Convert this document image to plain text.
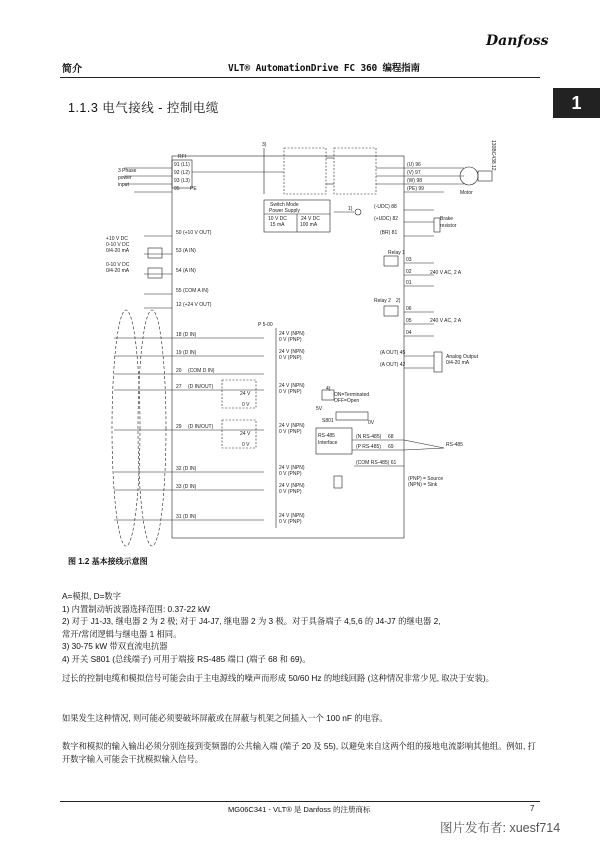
Danfoss
简介	VLT® AutomationDrive FC 360 编程指南
1
1.1.3 电气接线 - 控制电缆
130BC438.12
RFI
3 Phase
power
input
91 (L1)
92 (L2)
93 (L3)
95 PE
3)
Switch Mode
Power Supply
10 V DC
15 mA
24 V DC
100 mA
(U) 96
(V) 97
(W) 98
(PE) 99
Motor
(-UDC) 88
(+UDC) 82
(BR) 81
Brake
resistor
1)
50 (+10 V OUT)
+10 V DC
0-10 V DC
0/4-20 mA	53 (A IN)
0-10 V DC
0/4-20 mA	54 (A IN)
55 (COM A IN)
12 (+24 V OUT)
P 5-00
18 (D IN)
19 (D IN)
20 (COM D IN)
27 (D IN/OUT)
29 (D IN/OUT)
32 (D IN)
33 (D IN)
31 (D IN)
24 V (NPN)
0 V (PNP)
24 V (NPN)
0 V (PNP)
24 V (NPN)
0 V (PNP)
24 V (NPN)
0 V (PNP)
24 V (NPN)
0 V (PNP)
24 V (NPN)
0 V (PNP)
24 V (NPN)
0 V (PNP)
24 V
0 V
24 V
0 V
Relay 1
Relay 2 2)
03
02
01
06
05
04
240 V AC, 2 A
240 V AC, 2 A
(A OUT) 45
(A OUT) 42
Analog Output
0/4-20 mA
4)
ON=Terminated
OFF=Open
5V
S801	0V
RS-485
Interface
(N RS-485) 68
(P RS-485) 69
(COM RS-485) 61
RS-485
(PNP) = Source
(NPN) = Sink
图 1.2 基本接线示意图
A=模拟, D=数字
1) 内置制动斩波器选择范围: 0.37-22 kW
2) 对于 J1-J3, 继电器 2 为 2 极; 对于 J4-J7, 继电器 2 为 3 极。对于具备端子 4,5,6 的 J4-J7 的继电器 2,
常开/常闭逻辑与继电器 1 相同。
3) 30-75 kW 带双直流电抗器
4) 开关 S801 (总线端子) 可用于端接 RS-485 端口 (端子 68 和 69)。
过长的控制电缆和模拟信号可能会由于主电源线的噪声而形成 50/60 Hz 的地线回路 (这种情况非常少见, 取决于安装)。
如果发生这种情况, 则可能必须要破坏屏蔽或在屏蔽与机架之间插入一个 100 nF 的电容。
数字和模拟的输入输出必须分别连接到变频器的公共输入端 (端子 20 及 55), 以避免来自这两个组的接地电流影响其他组。例如, 打开数字输入可能会干扰模拟输入信号。
MG06C341 - VLT® 是 Danfoss 的注册商标	7
图片发布者: xuesf714
